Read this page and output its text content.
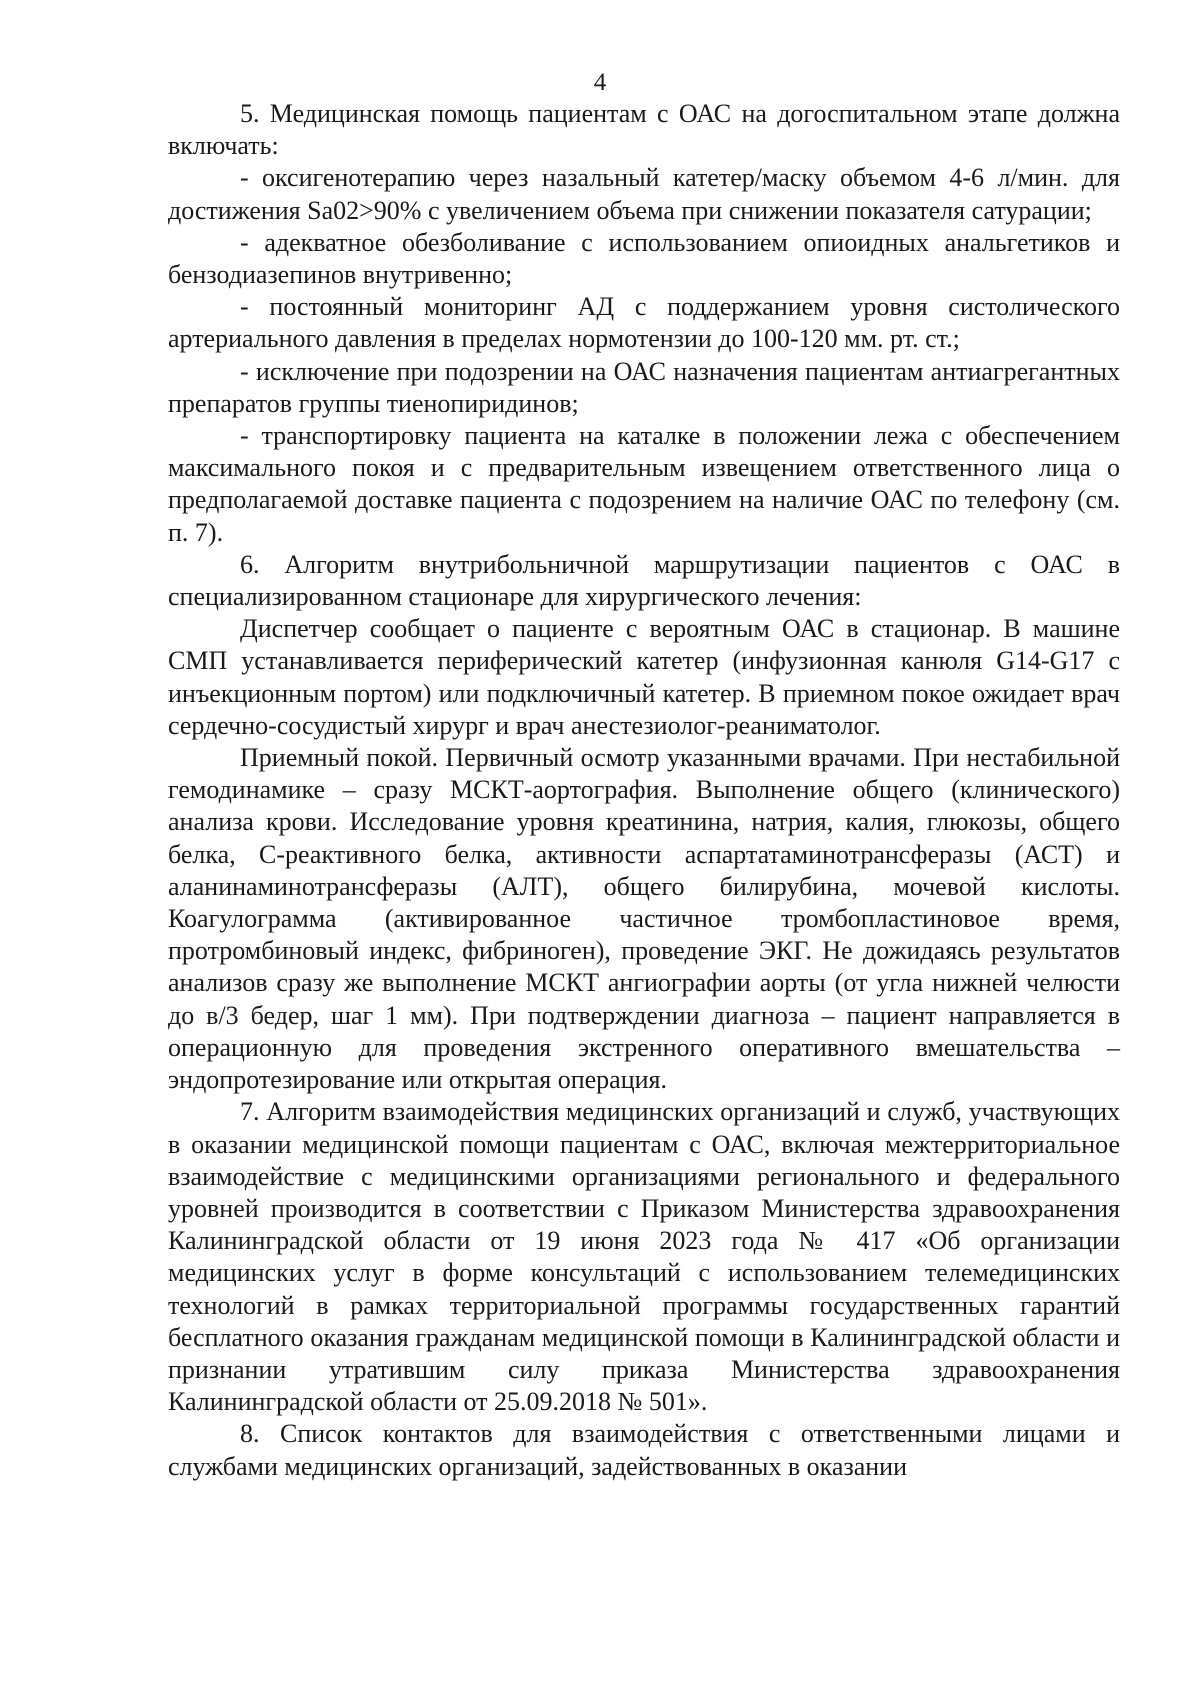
4

5. Медицинская помощь пациентам с ОАС на догоспитальном этапе должна включать:

- оксигенотерапию через назальный катетер/маску объемом 4-6 л/мин. для достижения Sa02>90% с увеличением объема при снижении показателя сатурации;

- адекватное обезболивание с использованием опиоидных анальгетиков и бензодиазепинов внутривенно;

- постоянный мониторинг АД с поддержанием уровня систолического артериального давления в пределах нормотензии до 100-120 мм. рт. ст.;

- исключение при подозрении на ОАС назначения пациентам антиагрегантных препаратов группы тиенопиридинов;

- транспортировку пациента на каталке в положении лежа с обеспечением максимального покоя и с предварительным извещением ответственного лица о предполагаемой доставке пациента с подозрением на наличие ОАС по телефону (см. п. 7).

6. Алгоритм внутрибольничной маршрутизации пациентов с ОАС в специализированном стационаре для хирургического лечения:

Диспетчер сообщает о пациенте с вероятным ОАС в стационар. В машине СМП устанавливается периферический катетер (инфузионная канюля G14-G17 с инъекционным портом) или подключичный катетер. В приемном покое ожидает врач сердечно-сосудистый хирург и врач анестезиолог-реаниматолог.

Приемный покой. Первичный осмотр указанными врачами. При нестабильной гемодинамике – сразу МСКТ-аортография. Выполнение общего (клинического) анализа крови. Исследование уровня креатинина, натрия, калия, глюкозы, общего белка, С-реактивного белка, активности аспартатаминотрансферазы (АСТ) и аланинаминотрансферазы (АЛТ), общего билирубина, мочевой кислоты. Коагулограмма (активированное частичное тромбопластиновое время, протромбиновый индекс, фибриноген), проведение ЭКГ. Не дожидаясь результатов анализов сразу же выполнение МСКТ ангиографии аорты (от угла нижней челюсти до в/3 бедер, шаг 1 мм). При подтверждении диагноза – пациент направляется в операционную для проведения экстренного оперативного вмешательства – эндопротезирование или открытая операция.

7. Алгоритм взаимодействия медицинских организаций и служб, участвующих в оказании медицинской помощи пациентам с ОАС, включая межтерриториальное взаимодействие с медицинскими организациями регионального и федерального уровней производится в соответствии с Приказом Министерства здравоохранения Калининградской области от 19 июня 2023 года № 417 «Об организации медицинских услуг в форме консультаций с использованием телемедицинских технологий в рамках территориальной программы государственных гарантий бесплатного оказания гражданам медицинской помощи в Калининградской области и признании утратившим силу приказа Министерства здравоохранения Калининградской области от 25.09.2018 № 501».

8. Список контактов для взаимодействия с ответственными лицами и службами медицинских организаций, задействованных в оказании
